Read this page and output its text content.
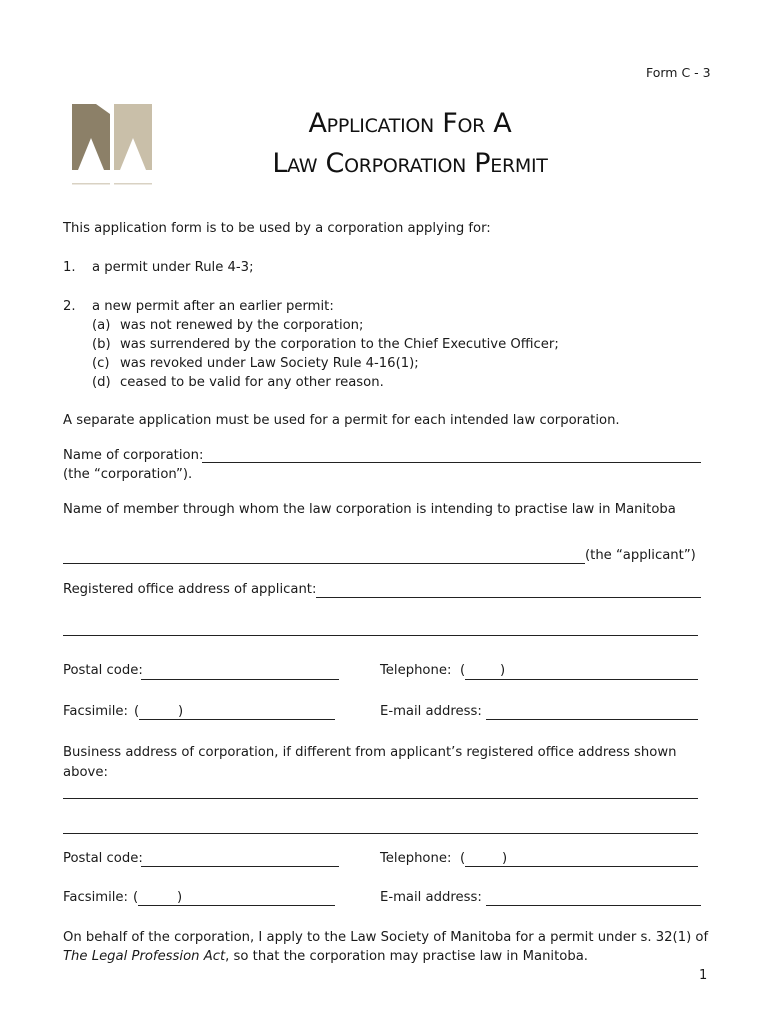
Form C - 3
Application For A
Law Corporation Permit
This application form is to be used by a corporation applying for:
1. a permit under Rule 4-3;
2. a new permit after an earlier permit:
(a) was not renewed by the corporation;
(b) was surrendered by the corporation to the Chief Executive Officer;
(c) was revoked under Law Society Rule 4-16(1);
(d) ceased to be valid for any other reason.
A separate application must be used for a permit for each intended law corporation.
Name of corporation:
(the “corporation”).
Name of member through whom the law corporation is intending to practise law in Manitoba
(the “applicant”)
Registered office address of applicant:
Postal code:	Telephone: (	)
Facsimile: (	)	E-mail address:
Business address of corporation, if different from applicant’s registered office address shown
above:
Postal code:	Telephone: (	)
Facsimile: (	)	E-mail address:
On behalf of the corporation, I apply to the Law Society of Manitoba for a permit under s. 32(1) of
The Legal Profession Act, so that the corporation may practise law in Manitoba.
1
